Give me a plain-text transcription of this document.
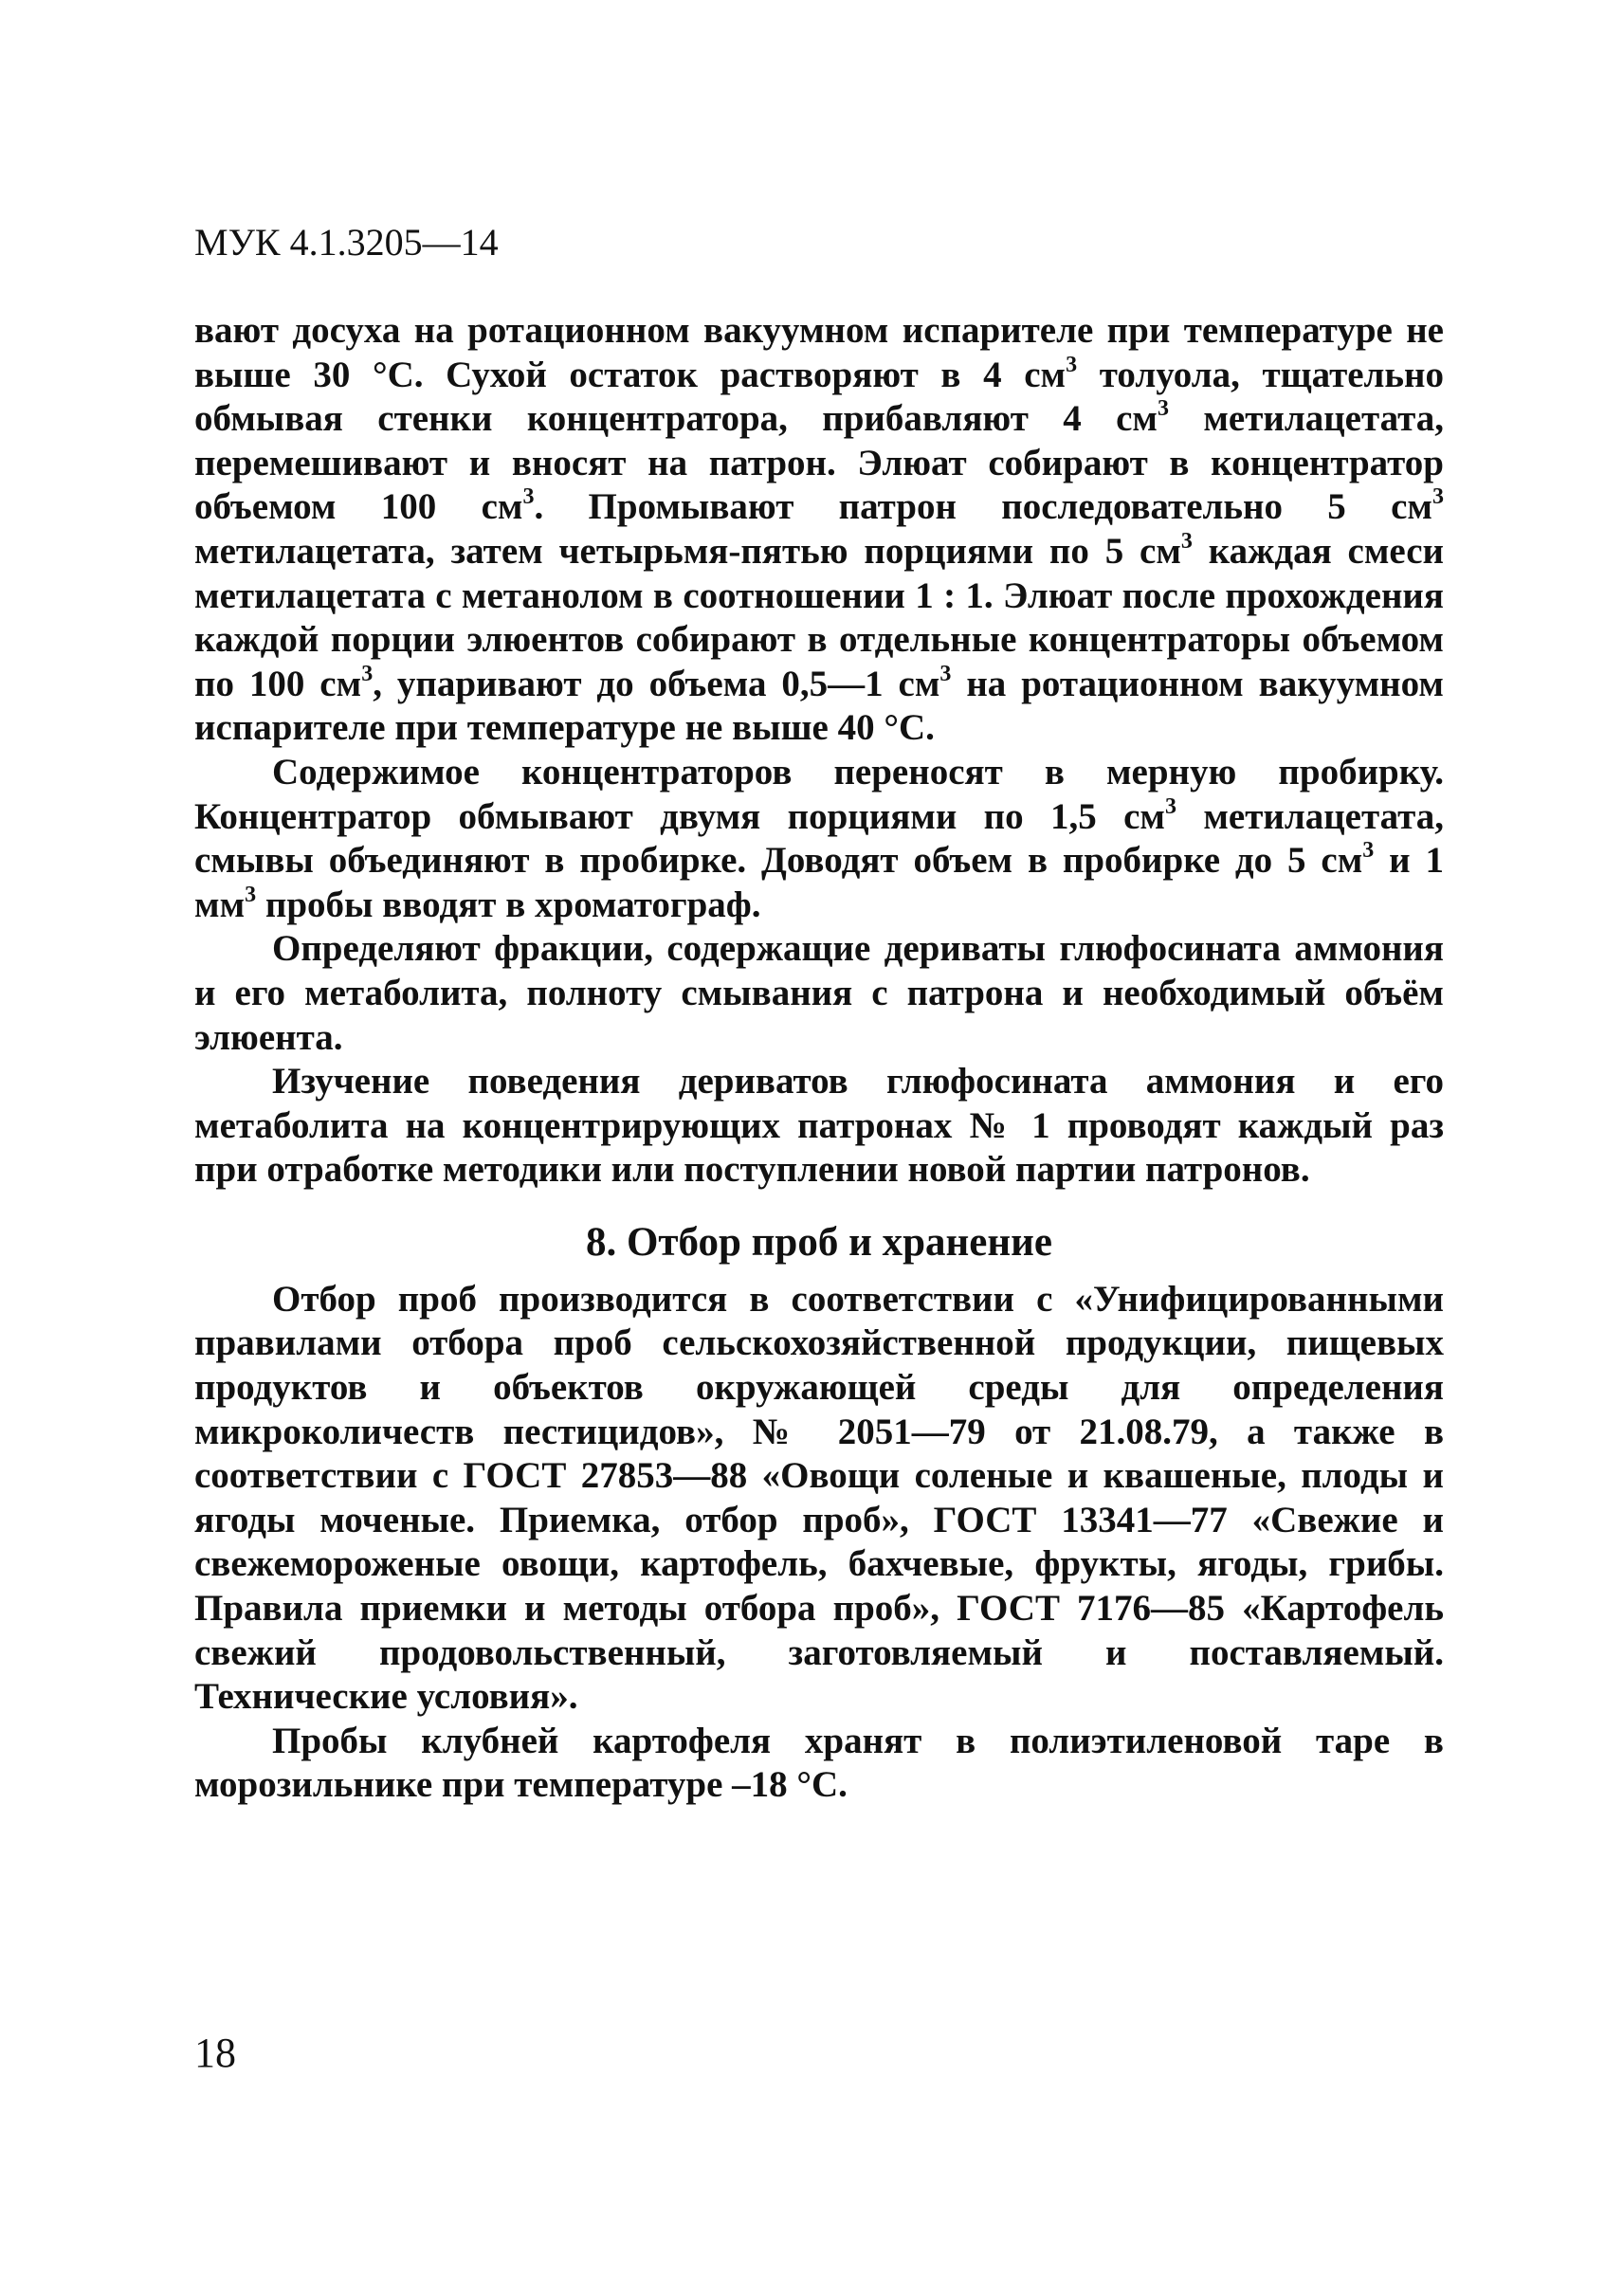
МУК 4.1.3205—14

вают досуха на ротационном вакуумном испарителе при температуре не выше 30 °С. Сухой остаток растворяют в 4 $см^3$ толуола, тщательно обмывая стенки концентратора, прибавляют 4 $см^3$ метилацетата, перемешивают и вносят на патрон. Элюат собирают в концентратор объемом 100 $см^3$. Промывают патрон последовательно 5 $см^3$ метилацетата, затем четырьмя-пятью порциями по 5 $см^3$ каждая смеси метилацетата с метанолом в соотношении 1 : 1. Элюат после прохождения каждой порции элюентов собирают в отдельные концентраторы объемом по 100 $см^3$, упаривают до объема 0,5—1 $см^3$ на ротационном вакуумном испарителе при температуре не выше 40 °С.

Содержимое концентраторов переносят в мерную пробирку. Концентратор обмывают двумя порциями по 1,5 $см^3$ метилацетата, смывы объединяют в пробирке. Доводят объем в пробирке до 5 $см^3$ и 1 $мм^3$ пробы вводят в хроматограф.

Определяют фракции, содержащие дериваты глюфосината аммония и его метаболита, полноту смывания с патрона и необходимый объём элюента.

Изучение поведения дериватов глюфосината аммония и его метаболита на концентрирующих патронах № 1 проводят каждый раз при отработке методики или поступлении новой партии патронов.

8. Отбор проб и хранение

Отбор проб производится в соответствии с «Унифицированными правилами отбора проб сельскохозяйственной продукции, пищевых продуктов и объектов окружающей среды для определения микроколичеств пестицидов», № 2051—79 от 21.08.79, а также в соответствии с ГОСТ 27853—88 «Овощи соленые и квашеные, плоды и ягоды моченые. Приемка, отбор проб», ГОСТ 13341—77 «Свежие и свежемороженые овощи, картофель, бахчевые, фрукты, ягоды, грибы. Правила приемки и методы отбора проб», ГОСТ 7176—85 «Картофель свежий продовольственный, заготовляемый и поставляемый. Технические условия».

Пробы клубней картофеля хранят в полиэтиленовой таре в морозильнике при температуре –18 °С.

18
